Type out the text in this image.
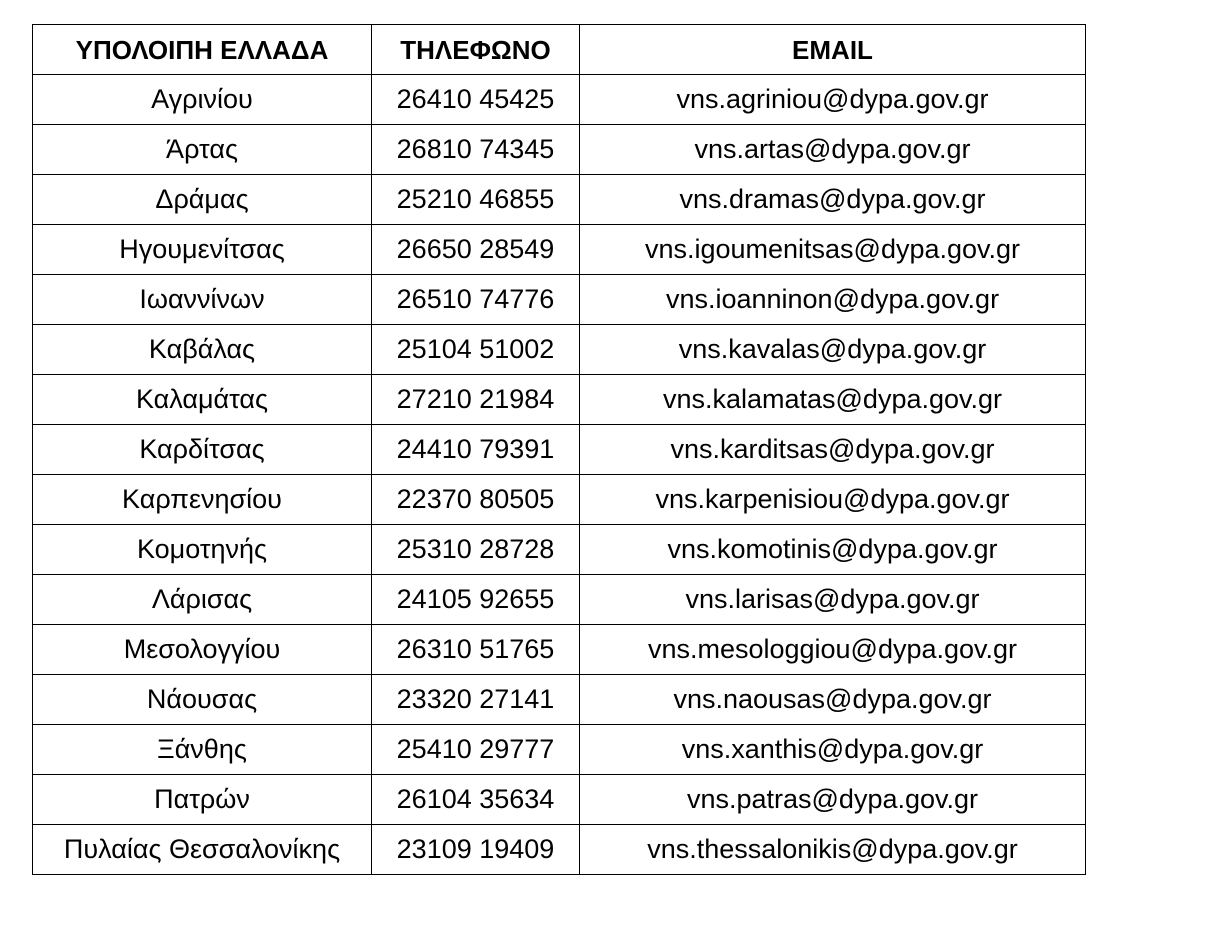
ΥΠΟΛΟΙΠΗ ΕΛΛΑΔΑ	ΤΗΛΕΦΩΝΟ	EMAIL
Αγρινίου	26410 45425	vns.agriniou@dypa.gov.gr
Άρτας	26810 74345	vns.artas@dypa.gov.gr
Δράμας	25210 46855	vns.dramas@dypa.gov.gr
Ηγουμενίτσας	26650 28549	vns.igoumenitsas@dypa.gov.gr
Ιωαννίνων	26510 74776	vns.ioanninon@dypa.gov.gr
Καβάλας	25104 51002	vns.kavalas@dypa.gov.gr
Καλαμάτας	27210 21984	vns.kalamatas@dypa.gov.gr
Καρδίτσας	24410 79391	vns.karditsas@dypa.gov.gr
Καρπενησίου	22370 80505	vns.karpenisiou@dypa.gov.gr
Κομοτηνής	25310 28728	vns.komotinis@dypa.gov.gr
Λάρισας	24105 92655	vns.larisas@dypa.gov.gr
Μεσολογγίου	26310 51765	vns.mesologgiou@dypa.gov.gr
Νάουσας	23320 27141	vns.naousas@dypa.gov.gr
Ξάνθης	25410 29777	vns.xanthis@dypa.gov.gr
Πατρών	26104 35634	vns.patras@dypa.gov.gr
Πυλαίας Θεσσαλονίκης	23109 19409	vns.thessalonikis@dypa.gov.gr
